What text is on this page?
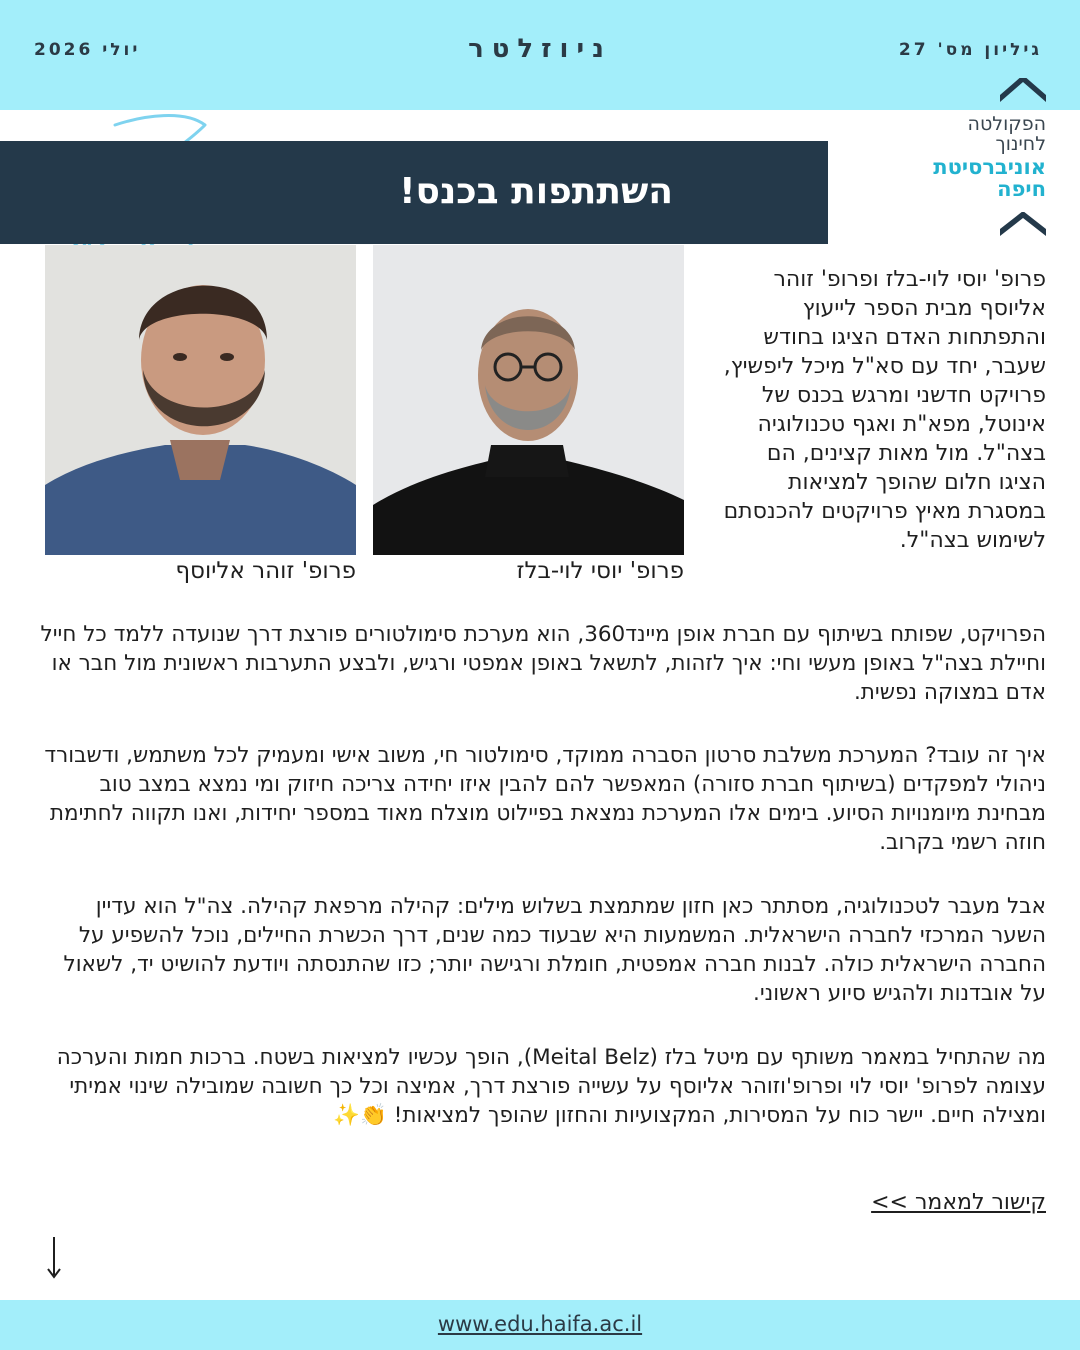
גיליון מס' 27
ניוזלטר
יולי 2026
הפקולטה
לחינוך
אוניברסיטת
חיפה
השתתפות בכנס!
פרופ' יוסי לוי-בלז
פרופ' זוהר אליוסף

פרופ' יוסי לוי-בלז ופרופ' זוהר אליוסף מבית הספר לייעוץ והתפתחות האדם הציגו בחודש שעבר, יחד עם סא"ל מיכל ליפשיץ, פרויקט חדשני ומרגש בכנס של אינוטל, מפא"ת ואגף טכנולוגיה בצה"ל. מול מאות קצינים, הם הציגו חלום שהופך למציאות במסגרת מאיץ פרויקטים להכנסתם לשימוש בצה"ל.

הפרויקט, שפותח בשיתוף עם חברת אופן מיינד360, הוא מערכת סימולטורים פורצת דרך שנועדה ללמד כל חייל וחיילת בצה"ל באופן מעשי וחי: איך לזהות, לתשאל באופן אמפטי ורגיש, ולבצע התערבות ראשונית מול חבר או אדם במצוקה נפשית.

איך זה עובד? המערכת משלבת סרטון הסברה ממוקד, סימולטור חי, משוב אישי ומעמיק לכל משתמש, ודשבורד ניהולי למפקדים (בשיתוף חברת סזורה) המאפשר להם להבין איזו יחידה צריכה חיזוק ומי נמצא במצב טוב מבחינת מיומנויות הסיוע. בימים אלו המערכת נמצאת בפיילוט מוצלח מאוד במספר יחידות, ואנו תקווה לחתימת חוזה רשמי בקרוב.

אבל מעבר לטכנולוגיה, מסתתר כאן חזון שמתמצת בשלוש מילים: קהילה מרפאת קהילה. צה"ל הוא עדיין השער המרכזי לחברה הישראלית. המשמעות היא שבעוד כמה שנים, דרך הכשרת החיילים, נוכל להשפיע על החברה הישראלית כולה. לבנות חברה אמפטית, חומלת ורגישה יותר; כזו שהתנסתה ויודעת להושיט יד, לשאול על אובדנות ולהגיש סיוע ראשוני.

מה שהתחיל במאמר משותף עם מיטל בלז (Meital Belz), הופך עכשיו למציאות בשטח. ברכות חמות והערכה עצומה לפרופ' יוסי לוי ופרופ'וזוהר אליוסף על עשייה פורצת דרך, אמיצה וכל כך חשובה שמובילה שינוי אמיתי ומצילה חיים. יישר כוח על המסירות, המקצועיות והחזון שהופך למציאות! 👏✨

קישור למאמר >>
www.edu.haifa.ac.il
